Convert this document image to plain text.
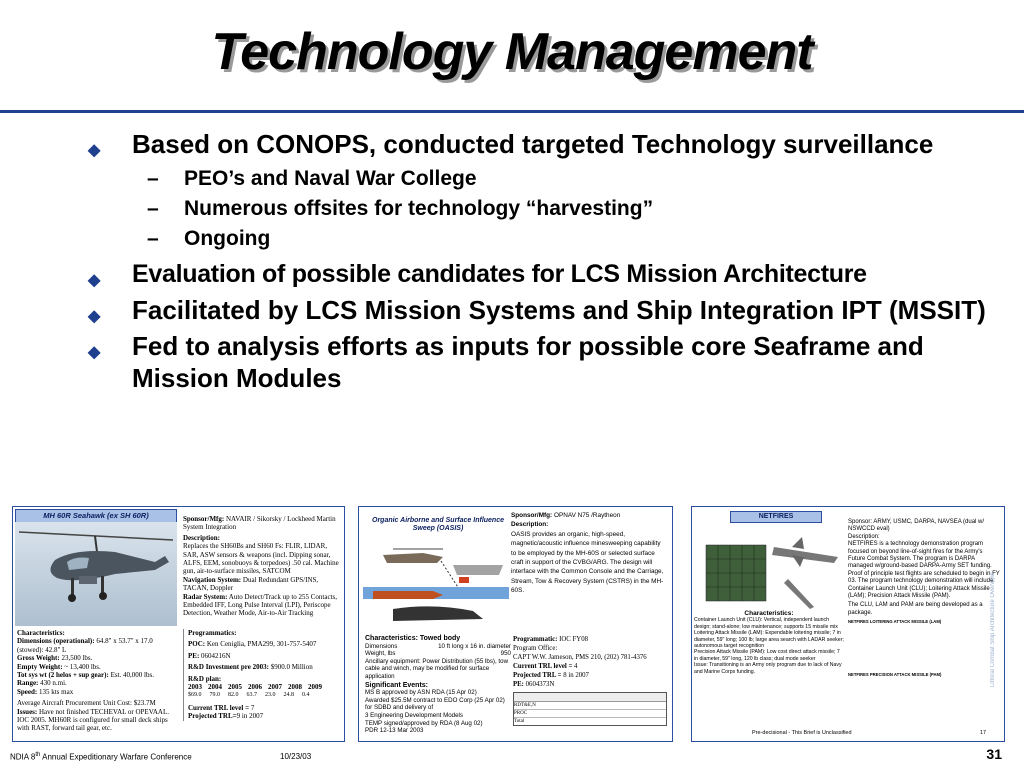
Technology Management
◆ Based on CONOPS, conducted targeted Technology surveillance
– PEO’s and Naval War College
– Numerous offsites for technology “harvesting”
– Ongoing
◆ Evaluation of possible candidates for LCS Mission Architecture
◆ Facilitated by LCS Mission Systems and Ship Integration IPT (MSSIT)
◆ Fed to analysis efforts as inputs for possible core Seaframe and Mission Modules
MH 60R Seahawk (ex SH 60R)	Sponsor/Mfg: NAVAIR / Sikorsky / Lockheed Martin System Integration
Description:
Replaces the SH60Bs and SH60 Fs: FLIR, LIDAR, SAR, ASW sensors & weapons (incl. Dipping sonar, ALFS, EEM, sonobuoys & torpedoes) .50 cal. Machine gun, air-to-surface missiles, SATCOM
Navigation System: Dual Redundant GPS/INS, TACAN, Doppler
Radar System: Auto Detect/Track up to 255 Contacts, Embedded IFF, Long Pulse Interval (LPI), Periscope Detection, Weather Mode, Air-to-Air Tracking
Characteristics:
Dimensions (operational): 64.8" x 53.7" x 17.0 (stowed): 42.8" L
Gross Weight: 23,500 lbs.
Empty Weight: ~ 13,400 lbs.
Tot sys wt (2 helos + sup gear): Est. 40,000 lbs.
Range: 430 n.mi.
Speed: 135 kts max
Average Aircraft Procurement Unit Cost: $23.7M
Issues: Have not finished TECHEVAL or OPEVAAL. IOC 2005. MH60R is configured for small deck ships with RAST, forward tail gear, etc.
Programmatics:
POC: Ken Ceniglia, PMA299, 301-757-5407
PE: 0604216N
R&D Investment pre 2003: $900.0 Million
R&D plan:
2003 2004 2005 2006 2007 2008 2009
$69.0 79.0 82.0 63.7 23.0 24.8 0.4
Current TRL level = 7
Projected TRL=9 in 2007
Organic Airborne and Surface Influence Sweep (OASIS)
Sponsor/Mfg: OPNAV N75 /Raytheon
Description:
OASIS provides an organic, high-speed, magnetic/acoustic influence minesweeping capability to be employed by the MH-60S or selected surface craft in support of the CVBG/ARG. The design will interface with the Common Console and the Carriage, Stream, Tow & Recovery System (CSTRS) in the MH-60S.
Characteristics: Towed body
Dimensions	10 ft long x 16 in. diameter
Weight, lbs	950
Ancillary equipment: Power Distribution (55 lbs), tow cable and winch, may be modified for surface application
Significant Events:
MS B approved by ASN RDA (15 Apr 02)
Awarded $25.5M contract to EDO Corp (25 Apr 02) for SDBD and delivery of
3 Engineering Development Models
TEMP signed/approved by RDA (8 Aug 02)
PDR 12-13 Mar 2003
Programmatic: IOC FY08
Program Office:
CAPT W.W. Jameson, PMS 210, (202) 781-4376
Current TRL level = 4
Projected TRL = 8 in 2007
PE: 0604373N
RDT&E,N
PROC
Total
NETFIRES
Sponsor: ARMY, USMC, DARPA, NAVSEA (dual w/ NSWCCD eval)
Description:
NETFIRES is a technology demonstration program focused on beyond line-of-sight fires for the Army's Future Combat System. The program is DARPA managed w/ground-based DARPA-Army SET funding. Proof of principle test flights are scheduled to begin in FY 03. The program technology demonstration will include: Container Launch Unit (CLU); Loitering Attack Missile (LAM); Precision Attack Missile (PAM).
The CLU, LAM and PAM are being developed as a package.
Characteristics:
Container Launch Unit (CLU): Vertical, independent launch design; stand-alone; low maintenance; supports 15 missile mix
Loitering Attack Missile (LAM): Expendable loitering missile; 7 in diameter, 59" long; 100 lb; large area search with LADAR seeker; autonomous target recognition
Precision Attack Missile (PAM): Low cost direct attack missile; 7 in diameter, 59" long, 120 lb class; dual mode seeker
Issue: Transitioning is an Army only program due to lack of Navy and Marine Corps funding.
NETFIRES LOITERING ATTACK MISSILE (LAM)
NETFIRES PRECISION ATTACK MISSILE (PAM)	Littoral Combat Ship Architecture Overview
Pre-decisional - This Brief is Unclassified	17
NDIA 8th Annual Expeditionary Warfare Conference	10/23/03	31
